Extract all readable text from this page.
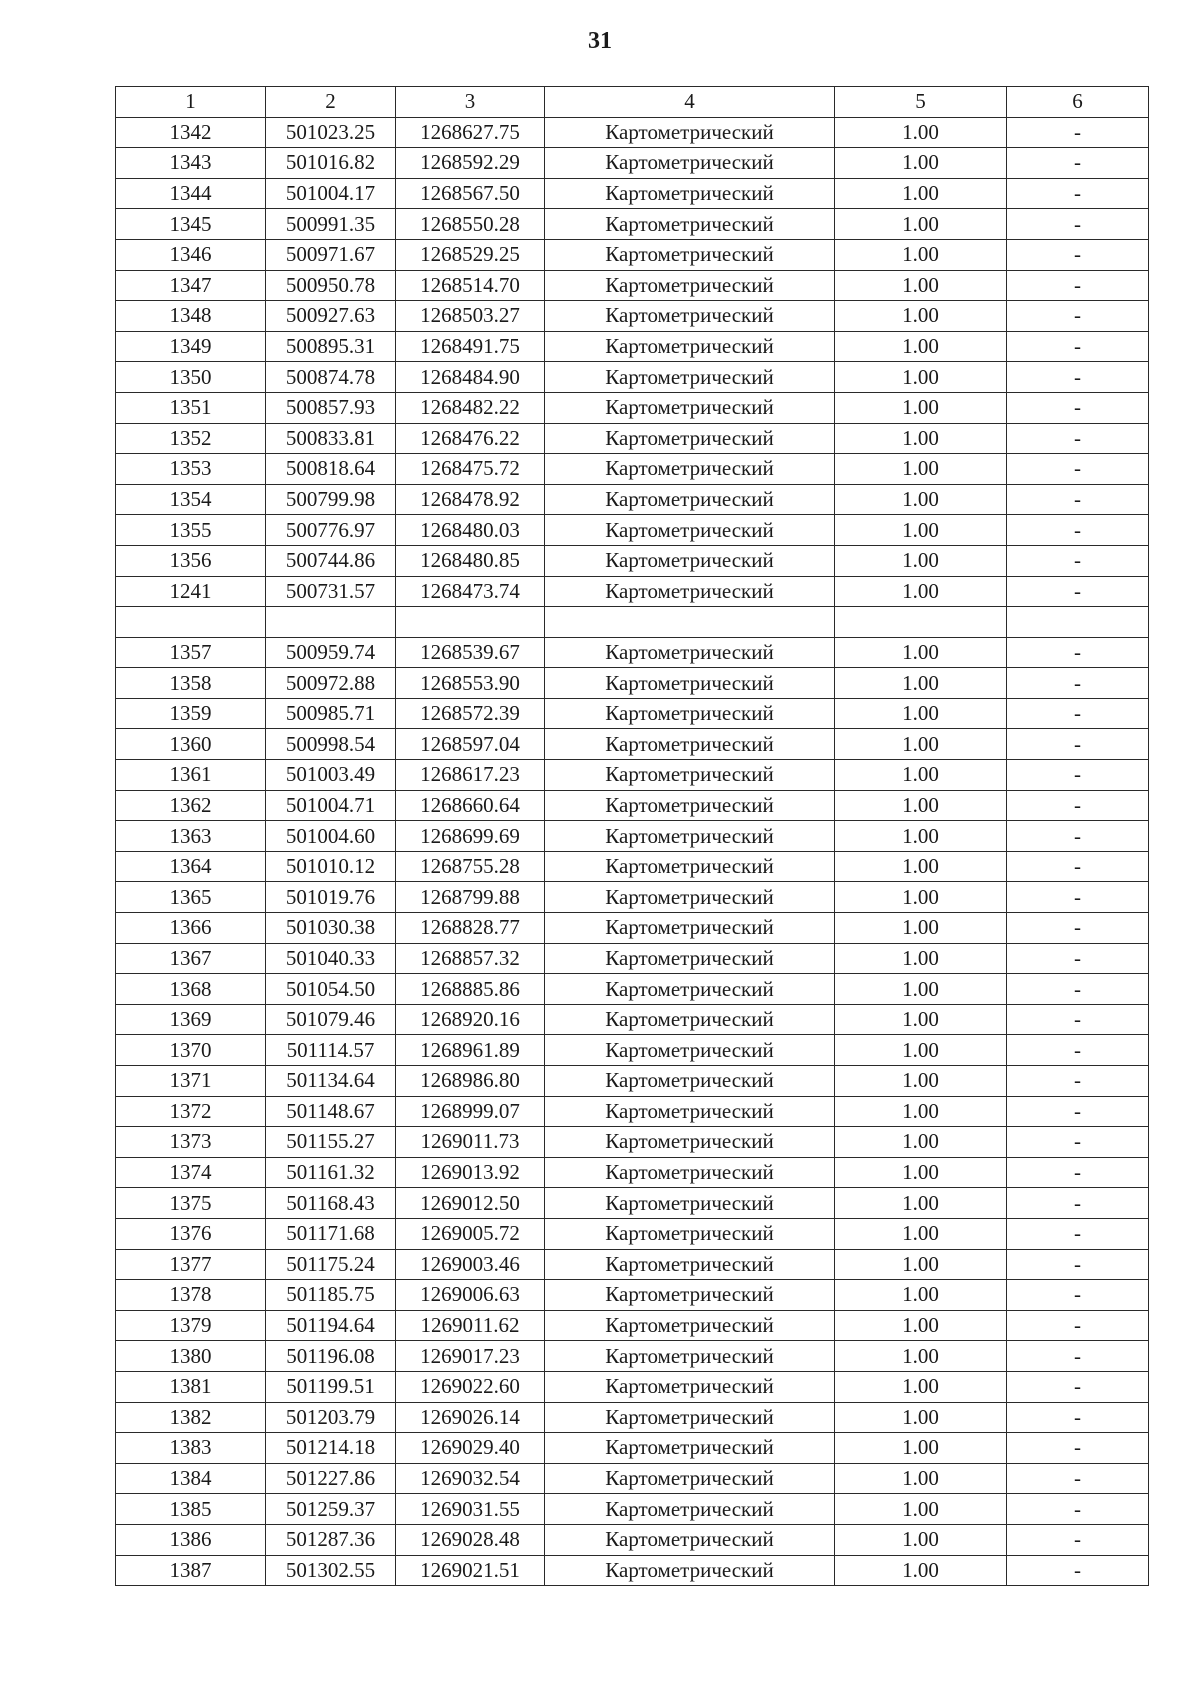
31
1	2	3	4	5	6
1342	501023.25	1268627.75	Картометрический	1.00	-
1343	501016.82	1268592.29	Картометрический	1.00	-
1344	501004.17	1268567.50	Картометрический	1.00	-
1345	500991.35	1268550.28	Картометрический	1.00	-
1346	500971.67	1268529.25	Картометрический	1.00	-
1347	500950.78	1268514.70	Картометрический	1.00	-
1348	500927.63	1268503.27	Картометрический	1.00	-
1349	500895.31	1268491.75	Картометрический	1.00	-
1350	500874.78	1268484.90	Картометрический	1.00	-
1351	500857.93	1268482.22	Картометрический	1.00	-
1352	500833.81	1268476.22	Картометрический	1.00	-
1353	500818.64	1268475.72	Картометрический	1.00	-
1354	500799.98	1268478.92	Картометрический	1.00	-
1355	500776.97	1268480.03	Картометрический	1.00	-
1356	500744.86	1268480.85	Картометрический	1.00	-
1241	500731.57	1268473.74	Картометрический	1.00	-

1357	500959.74	1268539.67	Картометрический	1.00	-
1358	500972.88	1268553.90	Картометрический	1.00	-
1359	500985.71	1268572.39	Картометрический	1.00	-
1360	500998.54	1268597.04	Картометрический	1.00	-
1361	501003.49	1268617.23	Картометрический	1.00	-
1362	501004.71	1268660.64	Картометрический	1.00	-
1363	501004.60	1268699.69	Картометрический	1.00	-
1364	501010.12	1268755.28	Картометрический	1.00	-
1365	501019.76	1268799.88	Картометрический	1.00	-
1366	501030.38	1268828.77	Картометрический	1.00	-
1367	501040.33	1268857.32	Картометрический	1.00	-
1368	501054.50	1268885.86	Картометрический	1.00	-
1369	501079.46	1268920.16	Картометрический	1.00	-
1370	501114.57	1268961.89	Картометрический	1.00	-
1371	501134.64	1268986.80	Картометрический	1.00	-
1372	501148.67	1268999.07	Картометрический	1.00	-
1373	501155.27	1269011.73	Картометрический	1.00	-
1374	501161.32	1269013.92	Картометрический	1.00	-
1375	501168.43	1269012.50	Картометрический	1.00	-
1376	501171.68	1269005.72	Картометрический	1.00	-
1377	501175.24	1269003.46	Картометрический	1.00	-
1378	501185.75	1269006.63	Картометрический	1.00	-
1379	501194.64	1269011.62	Картометрический	1.00	-
1380	501196.08	1269017.23	Картометрический	1.00	-
1381	501199.51	1269022.60	Картометрический	1.00	-
1382	501203.79	1269026.14	Картометрический	1.00	-
1383	501214.18	1269029.40	Картометрический	1.00	-
1384	501227.86	1269032.54	Картометрический	1.00	-
1385	501259.37	1269031.55	Картометрический	1.00	-
1386	501287.36	1269028.48	Картометрический	1.00	-
1387	501302.55	1269021.51	Картометрический	1.00	-
